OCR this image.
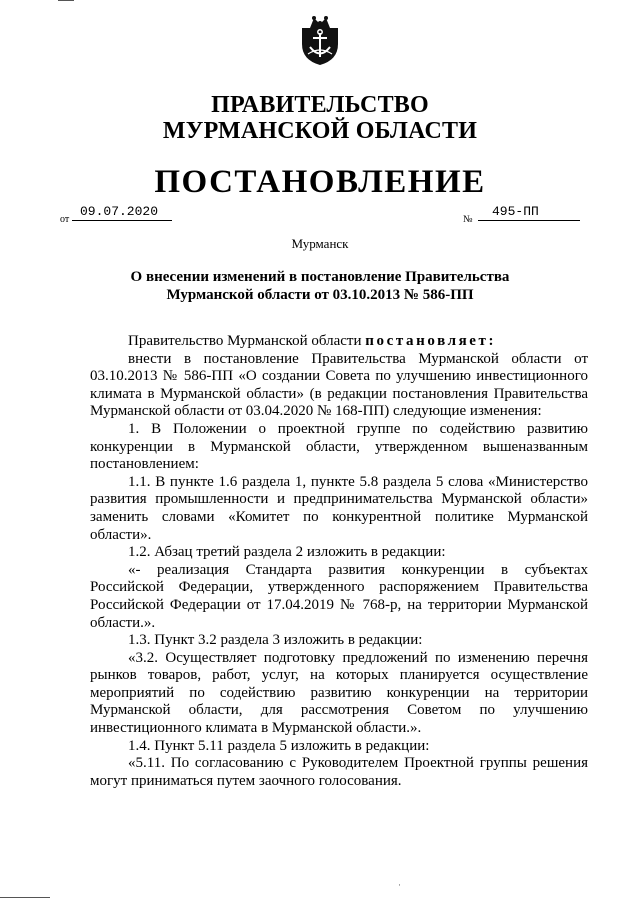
ПРАВИТЕЛЬСТВО
МУРМАНСКОЙ ОБЛАСТИ
ПОСТАНОВЛЕНИЕ
от
09.07.2020
№
495-ПП
Мурманск
О внесении изменений в постановление Правительства
Мурманской области от 03.10.2013 № 586-ПП

Правительство Мурманской области постановляет:

внести в постановление Правительства Мурманской области от 03.10.2013 № 586-ПП «О создании Совета по улучшению инвестиционного климата в Мурманской области» (в редакции постановления Правительства Мурманской области от 03.04.2020 № 168-ПП) следующие изменения:

1. В Положении о проектной группе по содействию развитию конкуренции в Мурманской области, утвержденном вышеназванным постановлением:

1.1. В пункте 1.6 раздела 1, пункте 5.8 раздела 5 слова «Министерство развития промышленности и предпринимательства Мурманской области» заменить словами «Комитет по конкурентной политике Мурманской области».

1.2. Абзац третий раздела 2 изложить в редакции:

«- реализация Стандарта развития конкуренции в субъектах Российской Федерации, утвержденного распоряжением Правительства Российской Федерации от 17.04.2019 № 768-р, на территории Мурманской области.».

1.3. Пункт 3.2 раздела 3 изложить в редакции:

«3.2. Осуществляет подготовку предложений по изменению перечня рынков товаров, работ, услуг, на которых планируется осуществление мероприятий по содействию развитию конкуренции на территории Мурманской области, для рассмотрения Советом по улучшению инвестиционного климата в Мурманской области.».

1.4. Пункт 5.11 раздела 5 изложить в редакции:

«5.11. По согласованию с Руководителем Проектной группы решения могут приниматься путем заочного голосования.

·
